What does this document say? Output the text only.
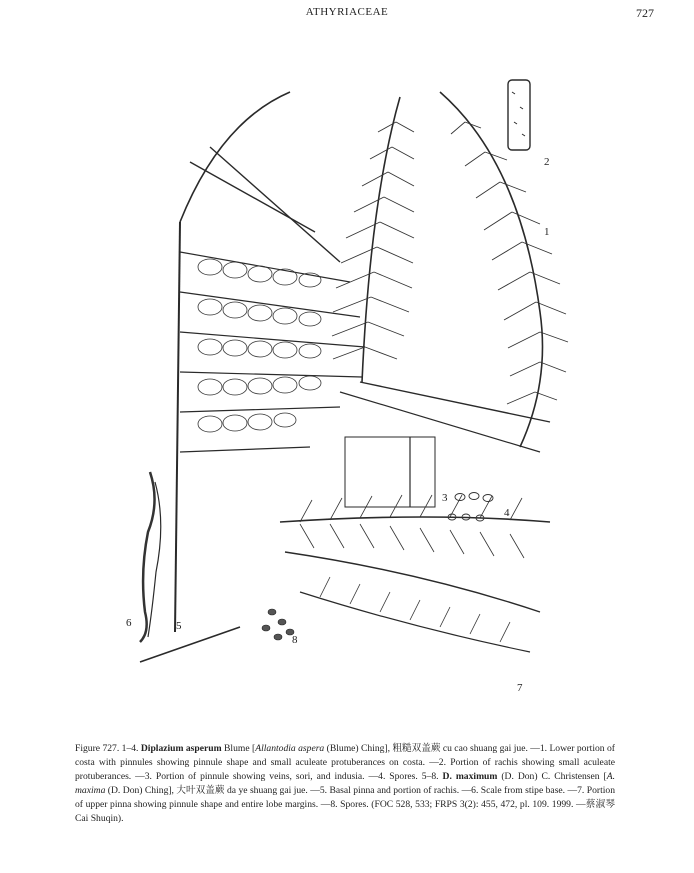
ATHYRIACEAE	727
1
2
3
4
5
6
7
8
Figure 727. 1–4. Diplazium asperum Blume [Allantodia aspera (Blume) Ching], 粗糙双盖蕨 cu cao shuang gai jue. —1. Lower portion of costa with pinnules showing pinnule shape and small aculeate protuberances on costa. —2. Portion of rachis showing small aculeate protuberances. —3. Portion of pinnule showing veins, sori, and indusia. —4. Spores. 5–8. D. maximum (D. Don) C. Christensen [A. maxima (D. Don) Ching], 大叶双盖蕨 da ye shuang gai jue. —5. Basal pinna and portion of rachis. —6. Scale from stipe base. —7. Portion of upper pinna showing pinnule shape and entire lobe margins. —8. Spores. (FOC 528, 533; FRPS 3(2): 455, 472, pl. 109. 1999. —蔡淑琴 Cai Shuqin).
